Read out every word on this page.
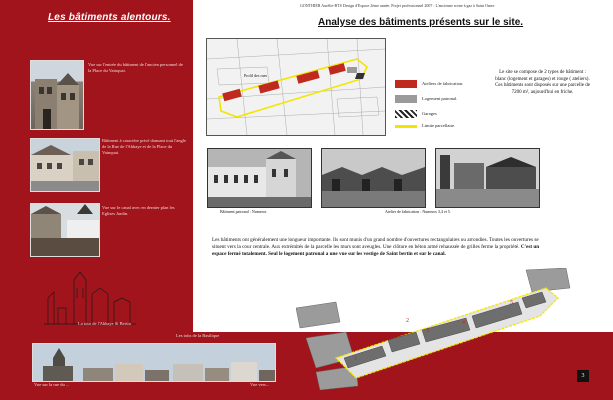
Les bâtiments alentours.
Vue sur l'entrée du bâtiment de l'ancien personnel de la Place du Vainquai.
Bâtiment à caractère privé donnant tout l'angle de la Rue de l'Abbaye et de la Place du Vainquai.
Vue sur le canal avec en dernier plan les Eglises Jardin.
La tour de l'Abbaye St Bertin
Vue sur la rue du ...
Les toits de la Basilique
Vue vers...
GONTHIER Aurélie-BTS Design d'Espace 2ème année. Projet professionnel 2007 : L'ancienne scene à gaz à Saint Omer.
Analyse des bâtiments présents sur le site.
Profil des rues
Ateliers de fabrication.
Logement patronal.
Garages
Limite parcellaire.
Le site se compose de 2 types de bâtiment : blanc (logement et garages) et rouge ( ateliers). Ces bâtiments sont disposés sur une parcelle de 7200 m², aujourd'hui en friche.
Bâtiment patronal : Numerot.	Atelier de fabrication : Numeros 3,4 et 5.
Les bâtiments ont généralement une longueur importante. Ils sont munis d'un grand nombre d'ouvertures rectangulaires ou arrondies. Toutes les ouvertures se situent vers la cour centrale. Aux extrémités de la parcelle les murs sont aveugles. Une clôture en béton armé rehaussée de grilles ferme la propriété. C'est un espace fermé totalement. Seul le logement patronal a une vue sur les vestige de Saint bertin et sur le canal.
1
2
3
4
5
3
